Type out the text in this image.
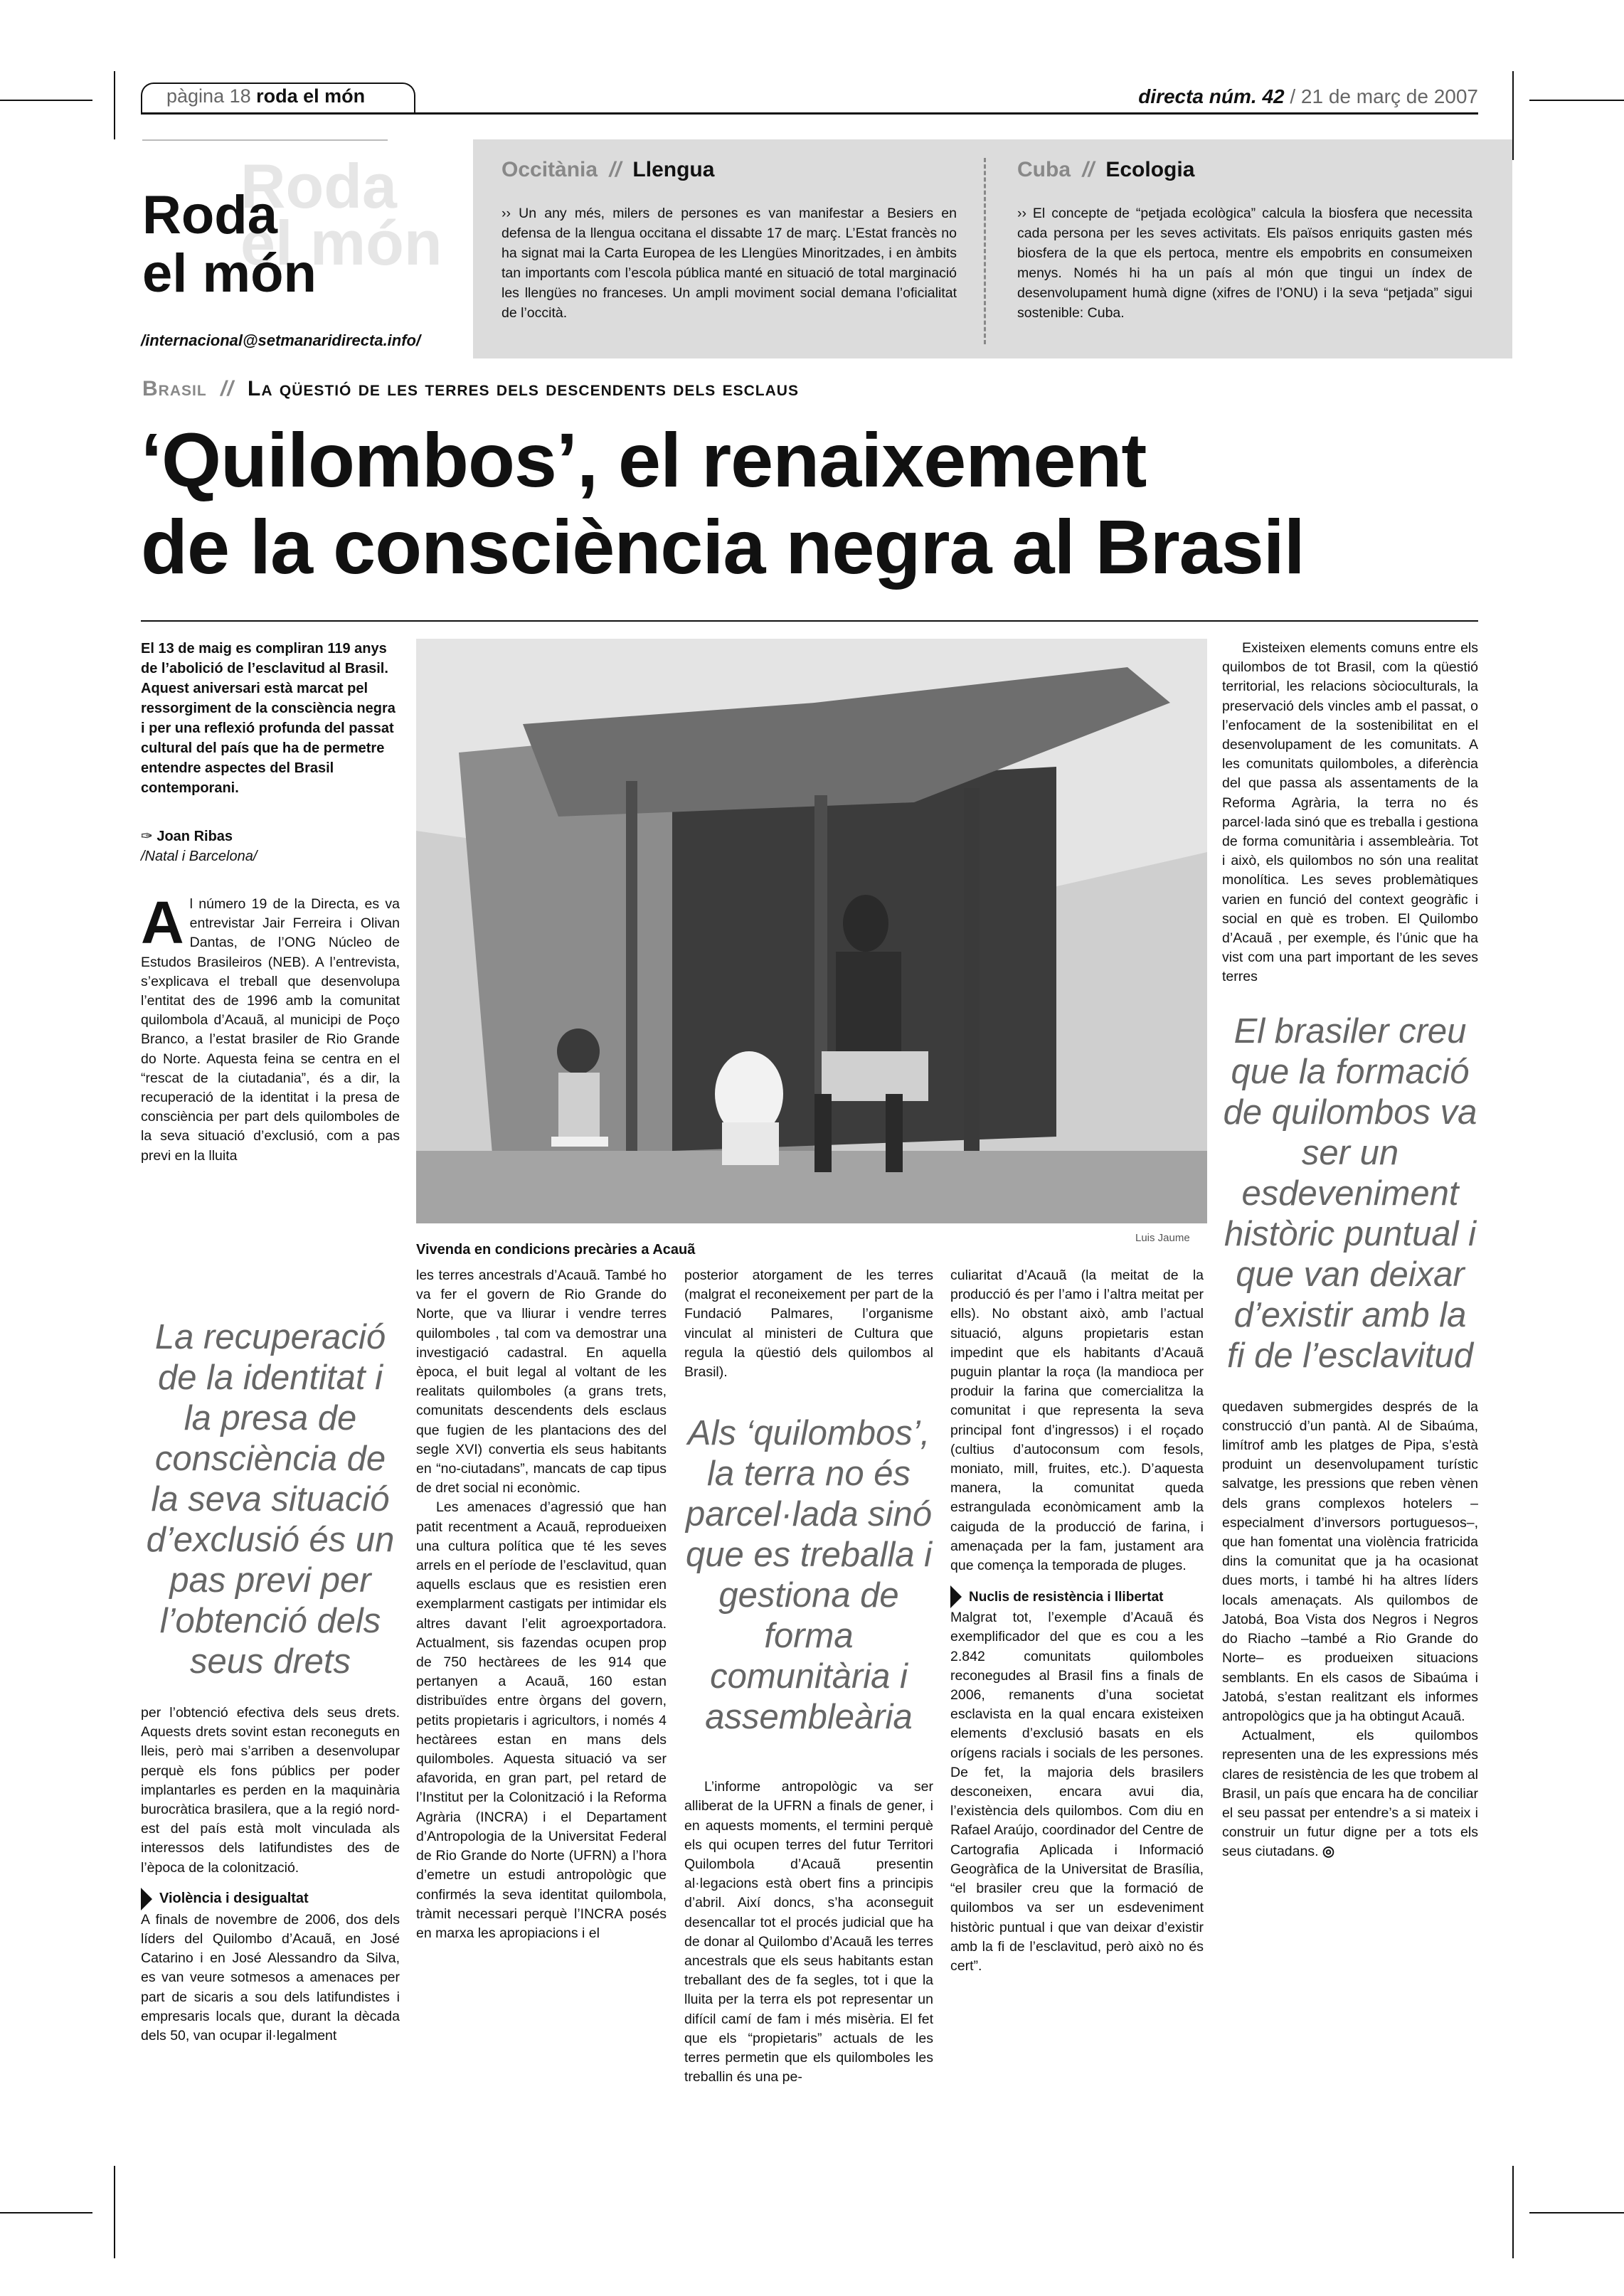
pàgina 18 roda el món	directa núm. 42 / 21 de març de 2007
Roda
el món
Roda
el món
/internacional@setmanaridirecta.info/
Occitània // Llengua

›› Un any més, milers de persones es van manifestar a Besiers en defensa de la llengua occitana el dissabte 17 de març. L’Estat francès no ha signat mai la Carta Europea de les Llengües Minoritzades, i en àmbits tan importants com l’escola pública manté en situació de total marginació les llengües no franceses. Un ampli moviment social demana l’oficialitat de l’occità.

Cuba // Ecologia

›› El concepte de “petjada ecològica” calcula la biosfera que necessita cada persona per les seves activitats. Els països enriquits gasten més biosfera de la que els pertoca, mentre els empobrits en consumeixen menys. Només hi ha un país al món que tingui un índex de desenvolupament humà digne (xifres de l’ONU) i la seva “petjada” sigui sostenible: Cuba.

Brasil // La qüestió de les terres dels descendents dels esclaus
‘Quilombos’, el renaixement
de la consciència negra al Brasil

El 13 de maig es compliran 119 anys de l’abolició de l’esclavitud al Brasil. Aquest aniversari està marcat pel ressorgiment de la consciència negra i per una reflexió profunda del passat cultural del país que ha de permetre entendre aspectes del Brasil contemporani.

✑ Joan Ribas
/Natal i Barcelona/
Al número 19 de la Directa, es va entrevistar Jair Ferreira i Olivan Dantas, de l’ONG Núcleo de Estudos Brasileiros (NEB). A l’entrevista, s’explicava el treball que desenvolupa l’entitat des de 1996 amb la comunitat quilombola d’Acauã, al municipi de Poço Branco, a l’estat brasiler de Rio Grande do Norte. Aquesta feina se centra en el “rescat de la ciutadania”, és a dir, la recuperació de la identitat i la presa de consciència per part dels quilomboles de la seva situació d’exclusió, com a pas previ en la lluita
Vivenda en condicions precàries a Acauã
Luis Jaume

La recuperació de la identitat i la presa de consciència de la seva situació d’exclusió és un pas previ per l’obtenció dels seus drets

per l’obtenció efectiva dels seus drets. Aquests drets sovint estan reconeguts en lleis, però mai s’arriben a desenvolupar perquè els fons públics per poder implantarles es perden en la maquinària burocràtica brasilera, que a la regió nord-est del país està molt vinculada als interessos dels latifundistes des de l’època de la colonització.

Violència i desigualtat

A finals de novembre de 2006, dos dels líders del Quilombo d’Acauã, en José Catarino i en José Alessandro da Silva, es van veure sotmesos a amenaces per part de sicaris a sou dels latifundistes i empresaris locals que, durant la dècada dels 50, van ocupar il·legalment

les terres ancestrals d’Acauã. També ho va fer el govern de Rio Grande do Norte, que va lliurar i vendre terres quilomboles , tal com va demostrar una investigació cadastral. En aquella època, el buit legal al voltant de les realitats quilomboles (a grans trets, comunitats descendents dels esclaus que fugien de les plantacions des del segle XVI) convertia els seus habitants en “no-ciutadans”, mancats de cap tipus de dret social ni econòmic.

Les amenaces d’agressió que han patit recentment a Acauã, reprodueixen una cultura política que té les seves arrels en el període de l’esclavitud, quan aquells esclaus que es resistien eren exemplarment castigats per intimidar els altres davant l’elit agroexportadora. Actualment, sis fazendas ocupen prop de 750 hectàrees de les 914 que pertanyen a Acauã, 160 estan distribuïdes entre òrgans del govern, petits propietaris i agricultors, i només 4 hectàrees estan en mans dels quilomboles. Aquesta situació va ser afavorida, en gran part, pel retard de l’Institut per la Colonització i la Reforma Agrària (INCRA) i el Departament d’Antropologia de la Universitat Federal de Rio Grande do Norte (UFRN) a l’hora d’emetre un estudi antropològic que confirmés la seva identitat quilombola, tràmit necessari perquè l’INCRA posés en marxa les apropiacions i el

posterior atorgament de les terres (malgrat el reconeixement per part de la Fundació Palmares, l’organisme vinculat al ministeri de Cultura que regula la qüestió dels quilombos al Brasil).

Als ‘quilombos’, la terra no és parcel·lada sinó que es treballa i gestiona de forma comunitària i assembleària

L’informe antropològic va ser alliberat de la UFRN a finals de gener, i en aquests moments, el termini perquè els qui ocupen terres del futur Territori Quilombola d’Acauã presentin al·legacions està obert fins a principis d’abril. Així doncs, s’ha aconseguit desencallar tot el procés judicial que ha de donar al Quilombo d’Acauã les terres ancestrals que els seus habitants estan treballant des de fa segles, tot i que la lluita per la terra els pot representar un difícil camí de fam i més misèria. El fet que els “propietaris” actuals de les terres permetin que els quilomboles les treballin és una pe-

culiaritat d’Acauã (la meitat de la producció és per l’amo i l’altra meitat per ells). No obstant això, amb l’actual situació, alguns propietaris estan impedint que els habitants d’Acauã puguin plantar la roça (la mandioca per produir la farina que comercialitza la comunitat i que representa la seva principal font d’ingressos) i el roçado (cultius d’autoconsum com fesols, moniato, mill, fruites, etc.). D’aquesta manera, la comunitat queda estrangulada econòmicament amb la caiguda de la producció de farina, i amenaçada per la fam, justament ara que comença la temporada de pluges.

Nuclis de resistència i llibertat

Malgrat tot, l’exemple d’Acauã és exemplificador del que es cou a les 2.842 comunitats quilomboles reconegudes al Brasil fins a finals de 2006, remanents d’una societat esclavista en la qual encara existeixen elements d’exclusió basats en els orígens racials i socials de les persones. De fet, la majoria dels brasilers desconeixen, encara avui dia, l’existència dels quilombos. Com diu en Rafael Araújo, coordinador del Centre de Cartografia Aplicada i Informació Geogràfica de la Universitat de Brasília, “el brasiler creu que la formació de quilombos va ser un esdeveniment històric puntual i que van deixar d’existir amb la fi de l’esclavitud, però això no és cert”.

Existeixen elements comuns entre els quilombos de tot Brasil, com la qüestió territorial, les relacions sòcioculturals, la preservació dels vincles amb el passat, o l’enfocament de la sostenibilitat en el desenvolupament de les comunitats. A les comunitats quilomboles, a diferència del que passa als assentaments de la Reforma Agrària, la terra no és parcel·lada sinó que es treballa i gestiona de forma comunitària i assembleària. Tot i això, els quilombos no són una realitat monolítica. Les seves problemàtiques varien en funció del context geogràfic i social en què es troben. El Quilombo d’Acauã , per exemple, és l’únic que ha vist com una part important de les seves terres

El brasiler creu que la formació de quilombos va ser un esdeveniment històric puntual i que van deixar d’existir amb la fi de l’esclavitud

quedaven submergides després de la construcció d’un pantà. Al de Sibaúma, limítrof amb les platges de Pipa, s’està produint un desenvolupament turístic salvatge, les pressions que reben vènen dels grans complexos hotelers –especialment d’inversors portuguesos–, que han fomentat una violència fratricida dins la comunitat que ja ha ocasionat dues morts, i també hi ha altres líders locals amenaçats. Als quilombos de Jatobá, Boa Vista dos Negros i Negros do Riacho –també a Rio Grande do Norte– es produeixen situacions semblants. En els casos de Sibaúma i Jatobá, s’estan realitzant els informes antropològics que ja ha obtingut Acauã.

Actualment, els quilombos representen una de les expressions més clares de resistència de les que trobem al Brasil, un país que encara ha de conciliar el seu passat per entendre’s a si mateix i construir un futur digne per a tots els seus ciutadans. ◎
